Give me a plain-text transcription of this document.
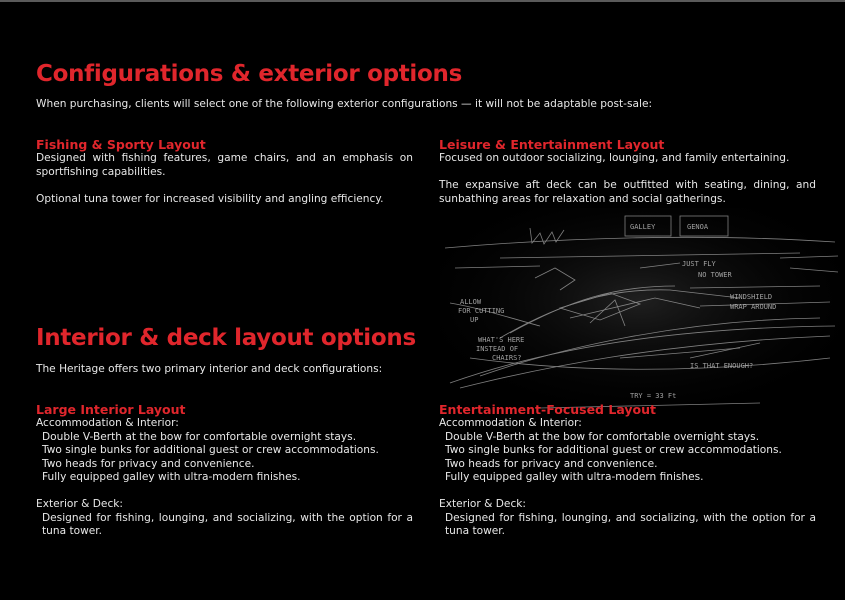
Configurations & exterior options
When purchasing, clients will select one of the following exterior configurations — it will not be adaptable post-sale:
Fishing & Sporty Layout

Designed with fishing features, game chairs, and an emphasis on sportfishing capabilities.

Optional tuna tower for increased visibility and angling efficiency.

Leisure & Entertainment Layout

Focused on outdoor socializing, lounging, and family entertaining.

The expansive aft deck can be outfitted with seating, dining, and sunbathing areas for relaxation and social gatherings.

GALLEY	GENOA
JUST FLY
NO TOWER
WINDSHIELD
WRAP AROUND
ALLOW
FOR CUTTING
UP
WHAT'S HERE
INSTEAD OF
CHAIRS?
IS THAT ENOUGH?
TRY = 33 Ft
Interior & deck layout options
The Heritage offers two primary interior and deck configurations:
Large Interior Layout

Accommodation & Interior:

Double V-Berth at the bow for comfortable overnight stays.

Two single bunks for additional guest or crew accommodations.

Two heads for privacy and convenience.

Fully equipped galley with ultra-modern finishes.

Exterior & Deck:

Designed for fishing, lounging, and socializing, with the option for a tuna tower.

Entertainment-Focused Layout

Accommodation & Interior:

Double V-Berth at the bow for comfortable overnight stays.

Two single bunks for additional guest or crew accommodations.

Two heads for privacy and convenience.

Fully equipped galley with ultra-modern finishes.

Exterior & Deck:

Designed for fishing, lounging, and socializing, with the option for a tuna tower.
